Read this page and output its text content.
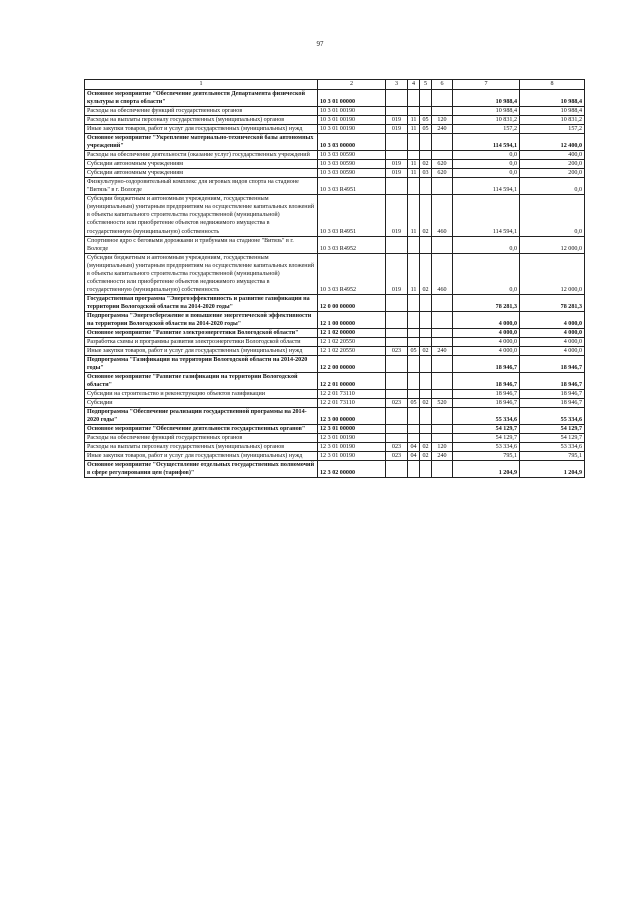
97
1	2	3	4	5	6	7	8
Основное мероприятие "Обеспечение деятельности Департамента физической культуры и спорта области"	10 3 01 00000					10 988,4	10 988,4
Расходы на обеспечение функций государственных органов	10 3 01 00190					10 988,4	10 988,4
Расходы на выплаты персоналу государственных (муниципальных) органов	10 3 01 00190	019	11	05	120	10 831,2	10 831,2
Иные закупки товаров, работ и услуг для государственных (муниципальных) нужд	10 3 01 00190	019	11	05	240	157,2	157,2
Основное мероприятие "Укрепление материально-технической базы автономных учреждений"	10 3 03 00000					114 594,1	12 400,0
Расходы на обеспечение деятельности (оказание услуг) государственных учреждений	10 3 03 00590					0,0	400,0
Субсидии автономным учреждениям	10 3 03 00590	019	11	02	620	0,0	200,0
Субсидии автономным учреждениям	10 3 03 00590	019	11	03	620	0,0	200,0
Физкультурно-оздоровительный комплекс для игровых видов спорта на стадионе "Витязь" в г. Вологде	10 3 03 R4951					114 594,1	0,0
Субсидии бюджетным и автономным учреждениям, государственным (муниципальным) унитарным предприятиям на осуществление капитальных вложений в объекты капитального строительства государственной (муниципальной) собственности или приобретение объектов недвижимого имущества в государственную (муниципальную) собственность	10 3 03 R4951	019	11	02	460	114 594,1	0,0
Спортивное ядро с беговыми дорожками и трибунами на стадионе "Витязь" в г. Вологде	10 3 03 R4952					0,0	12 000,0
Субсидии бюджетным и автономным учреждениям, государственным (муниципальным) унитарным предприятиям на осуществление капитальных вложений в объекты капитального строительства государственной (муниципальной) собственности или приобретение объектов недвижимого имущества в государственную (муниципальную) собственность	10 3 03 R4952	019	11	02	460	0,0	12 000,0
Государственная программа "Энергоэффективность и развитие газификации на территории Вологодской области на 2014-2020 годы"	12 0 00 00000					78 281,3	78 281,3
Подпрограмма "Энергосбережение и повышение энергетической эффективности на территории Вологодской области на 2014-2020 годы"	12 1 00 00000					4 000,0	4 000,0
Основное мероприятие "Развитие электроэнергетики Вологодской области"	12 1 02 00000					4 000,0	4 000,0
Разработка схемы и программы развития электроэнергетики Вологодской области	12 1 02 20550					4 000,0	4 000,0
Иные закупки товаров, работ и услуг для государственных (муниципальных) нужд	12 1 02 20550	023	05	02	240	4 000,0	4 000,0
Подпрограмма "Газификация на территории Вологодской области на 2014-2020 годы"	12 2 00 00000					18 946,7	18 946,7
Основное мероприятие "Развитие газификации на территории Вологодской области"	12 2 01 00000					18 946,7	18 946,7
Субсидии на строительство и реконструкцию объектов газификации	12 2 01 73110					18 946,7	18 946,7
Субсидии	12 2 01 73110	023	05	02	520	18 946,7	18 946,7
Подпрограмма "Обеспечение реализации государственной программы на 2014-2020 годы"	12 3 00 00000					55 334,6	55 334,6
Основное мероприятие "Обеспечение деятельности государственных органов"	12 3 01 00000					54 129,7	54 129,7
Расходы на обеспечение функций государственных органов	12 3 01 00190					54 129,7	54 129,7
Расходы на выплаты персоналу государственных (муниципальных) органов	12 3 01 00190	023	04	02	120	53 334,6	53 334,6
Иные закупки товаров, работ и услуг для государственных (муниципальных) нужд	12 3 01 00190	023	04	02	240	795,1	795,1
Основное мероприятие "Осуществление отдельных государственных полномочий в сфере регулирования цен (тарифов)"	12 3 02 00000					1 204,9	1 204,9
